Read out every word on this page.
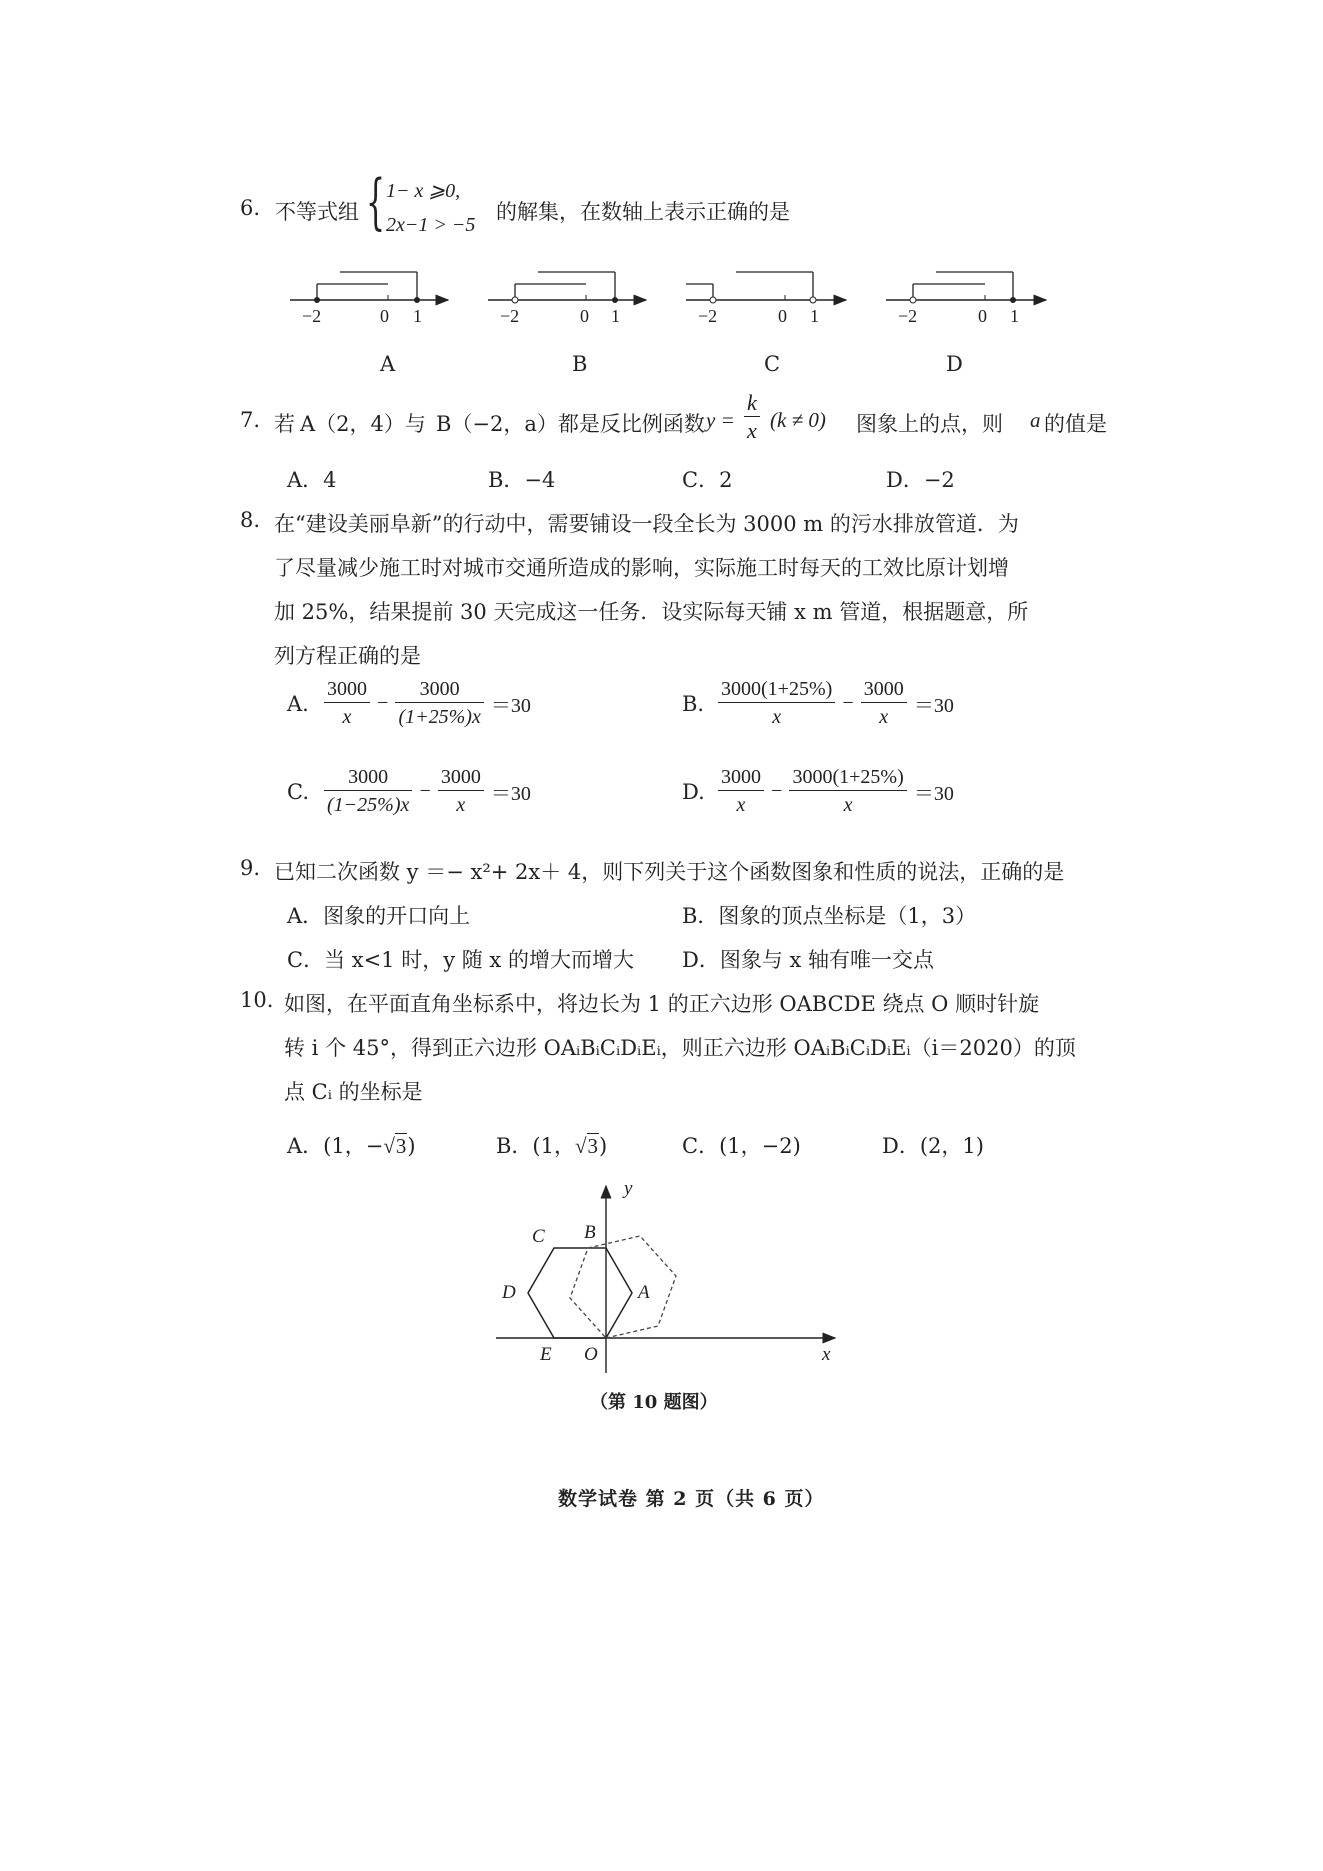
6. 不等式组 { 1− x ⩾0,
2x−1 > −5
的解集，在数轴上表示正确的是
−2	0 1	−2	0 1	−2	0 1	−2	0 1
A	B	C	D
7. 若 A（2，4）与 B（−2，a）都是反比例函数 $y = \frac{k}{x} (k \ne 0)$ 图象上的点，则 a 的值是
A．4	B．−4	C．2	D．−2
8. 在“建设美丽阜新”的行动中，需要铺设一段全长为 3000 m 的污水排放管道．为
了尽量减少施工时对城市交通所造成的影响，实际施工时每天的工效比原计划增
加 25%，结果提前 30 天完成这一任务．设实际每天铺 x m 管道，根据题意，所
列方程正确的是
A. $\frac{3000}{x} - \frac{3000}{(1+25\%)x} =30$	B. $\frac{3000(1+25\%)}{x} - \frac{3000}{x} =30$
C. $\frac{3000}{(1-25\%)x} - \frac{3000}{x} =30$	D. $\frac{3000}{x} - \frac{3000(1+25\%)}{x} =30$
9. 已知二次函数 y ＝− x²+ 2x＋ 4，则下列关于这个函数图象和性质的说法，正确的是
A．图象的开口向上	B．图象的顶点坐标是（1，3）
C．当 x<1 时，y 随 x 的增大而增大 D．图象与 x 轴有唯一交点
10. 如图，在平面直角坐标系中，将边长为 1 的正六边形 OABCDE 绕点 O 顺时针旋
转 i 个 45°，得到正六边形 OAᵢBᵢCᵢDᵢEᵢ，则正六边形 OAᵢBᵢCᵢDᵢEᵢ（i＝2020）的顶
点 Cᵢ 的坐标是
A．(1，−√3)	B．(1，√3)	C．(1，−2)	D．(2，1)
y
x
O
A
B
C
D
E
（第 10 题图）
数学试卷 第 2 页（共 6 页）
